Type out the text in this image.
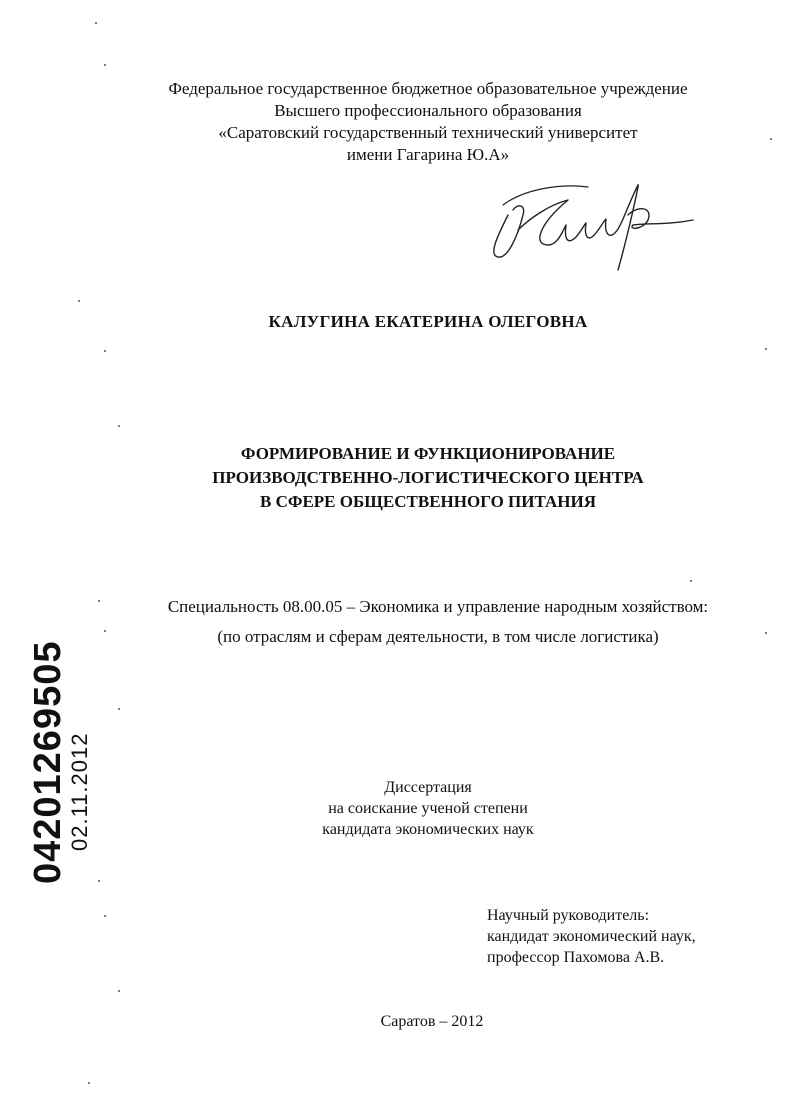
Федеральное государственное бюджетное образовательное учреждение
Высшего профессионального образования
«Саратовский государственный технический университет
имени Гагарина Ю.А»
КАЛУГИНА ЕКАТЕРИНА ОЛЕГОВНА
ФОРМИРОВАНИЕ И ФУНКЦИОНИРОВАНИЕ
ПРОИЗВОДСТВЕННО-ЛОГИСТИЧЕСКОГО ЦЕНТРА
В СФЕРЕ ОБЩЕСТВЕННОГО ПИТАНИЯ
Специальность 08.00.05 – Экономика и управление народным хозяйством:
(по отраслям и сферам деятельности, в том числе логистика)
Диссертация
на соискание ученой степени
кандидата экономических наук
Научный руководитель:
кандидат экономический наук,
профессор Пахомова А.В.
Саратов – 2012
04201269505
02.11.2012
